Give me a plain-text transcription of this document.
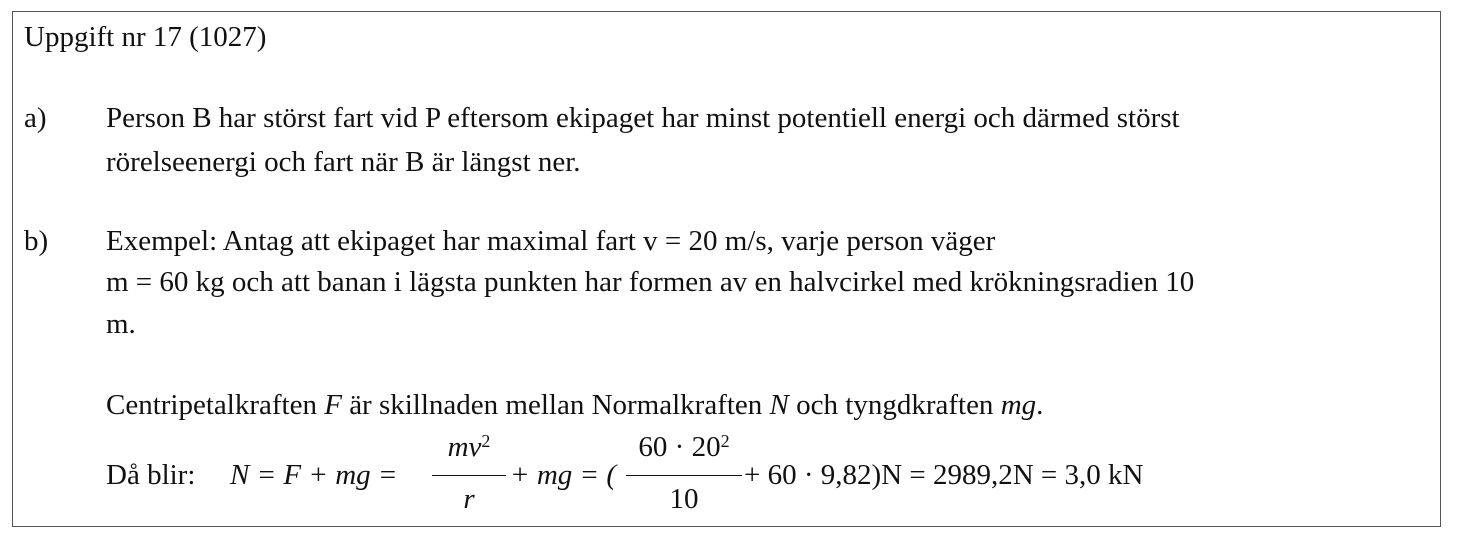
Uppgift nr 17 (1027)
a) Person B har störst fart vid P eftersom ekipaget har minst potentiell energi och därmed störst
rörelseenergi och fart när B är längst ner.
b) Exempel: Antag att ekipaget har maximal fart v = 20 m/s, varje person väger
m = 60 kg och att banan i lägsta punkten har formen av en halvcirkel med krökningsradien 10
m.
Centripetalkraften F är skillnaden mellan Normalkraften N och tyngdkraften mg.
Då blir: N = F + mg =
$mv^2$
r
+ mg = (
$60 \cdot 20^2$
10
+ 60 · 9,82)N = 2989,2N = 3,0 kN
